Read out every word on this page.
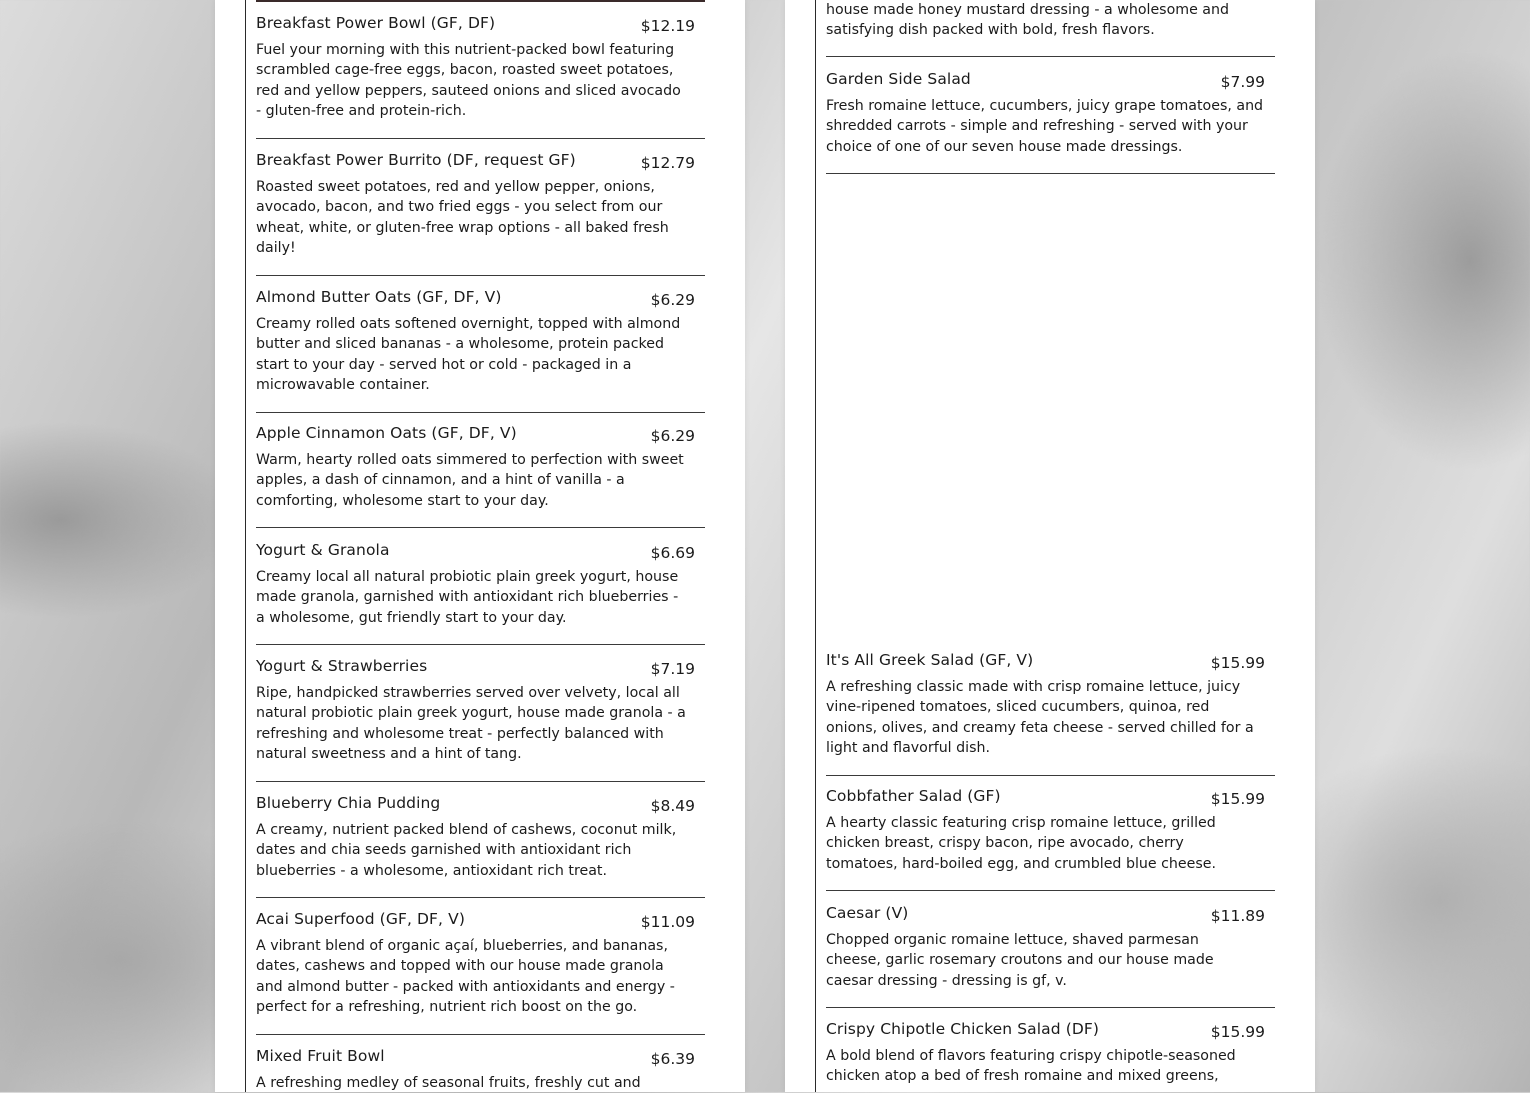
Breakfast Power Bowl (GF, DF)	$12.19

Fuel your morning with this nutrient-packed bowl featuring scrambled cage-free eggs, bacon, roasted sweet potatoes, red and yellow peppers, sauteed onions and sliced avocado - gluten-free and protein-rich.

Breakfast Power Burrito (DF, request GF)	$12.79

Roasted sweet potatoes, red and yellow pepper, onions, avocado, bacon, and two fried eggs - you select from our wheat, white, or gluten-free wrap options - all baked fresh daily!

Almond Butter Oats (GF, DF, V)	$6.29

Creamy rolled oats softened overnight, topped with almond butter and sliced bananas - a wholesome, protein packed start to your day - served hot or cold - packaged in a microwavable container.

Apple Cinnamon Oats (GF, DF, V)	$6.29

Warm, hearty rolled oats simmered to perfection with sweet apples, a dash of cinnamon, and a hint of vanilla - a comforting, wholesome start to your day.

Yogurt & Granola	$6.69

Creamy local all natural probiotic plain greek yogurt, house made granola, garnished with antioxidant rich blueberries - a wholesome, gut friendly start to your day.

Yogurt & Strawberries	$7.19

Ripe, handpicked strawberries served over velvety, local all natural probiotic plain greek yogurt, house made granola - a refreshing and wholesome treat - perfectly balanced with natural sweetness and a hint of tang.

Blueberry Chia Pudding	$8.49

A creamy, nutrient packed blend of cashews, coconut milk, dates and chia seeds garnished with antioxidant rich blueberries - a wholesome, antioxidant rich treat.

Acai Superfood (GF, DF, V)	$11.09

A vibrant blend of organic açaí, blueberries, and bananas, dates, cashews and topped with our house made granola and almond butter - packed with antioxidants and energy - perfect for a refreshing, nutrient rich boost on the go.

Mixed Fruit Bowl	$6.39

A refreshing medley of seasonal fruits, freshly cut and

house made honey mustard dressing - a wholesome and satisfying dish packed with bold, fresh flavors.

Garden Side Salad	$7.99

Fresh romaine lettuce, cucumbers, juicy grape tomatoes, and shredded carrots - simple and refreshing - served with your choice of one of our seven house made dressings.

It's All Greek Salad (GF, V)	$15.99

A refreshing classic made with crisp romaine lettuce, juicy vine-ripened tomatoes, sliced cucumbers, quinoa, red onions, olives, and creamy feta cheese - served chilled for a light and flavorful dish.

Cobbfather Salad (GF)	$15.99

A hearty classic featuring crisp romaine lettuce, grilled chicken breast, crispy bacon, ripe avocado, cherry tomatoes, hard-boiled egg, and crumbled blue cheese.

Caesar (V)	$11.89

Chopped organic romaine lettuce, shaved parmesan cheese, garlic rosemary croutons and our house made caesar dressing - dressing is gf, v.

Crispy Chipotle Chicken Salad (DF)	$15.99

A bold blend of flavors featuring crispy chipotle-seasoned chicken atop a bed of fresh romaine and mixed greens,
